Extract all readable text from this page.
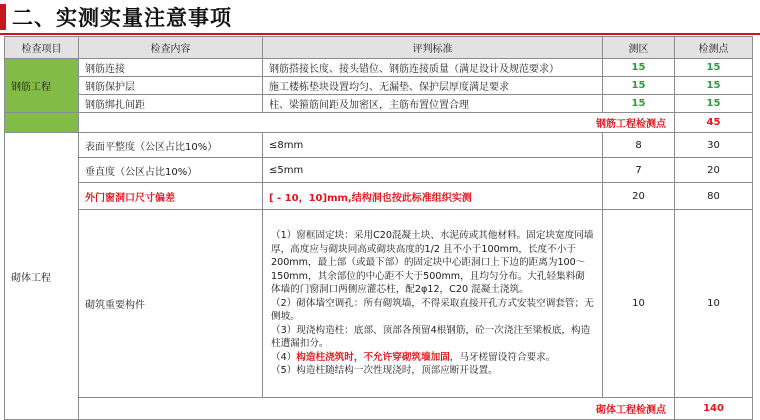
二、实测实量注意事项
检查项目	检查内容	评判标准	测区	检测点
钢筋工程	钢筋连接	钢筋搭接长度、接头错位、钢筋连接质量（满足设计及规范要求）	15	15
	钢筋保护层	施工楼栋垫块设置均匀、无漏垫、保护层厚度满足要求	15	15
	钢筋绑扎间距	柱、梁箍筋间距及加密区，主筋布置位置合理	15	15
	钢筋工程检测点			45
砌体工程	表面平整度（公区占比10%）	≤8mm	8	30
	垂直度（公区占比10%）	≤5mm	7	20
	外门窗洞口尺寸偏差	[ - 10，10]mm,结构洞也按此标准组织实测	20	80
	砌筑重要构件	（1）窗框固定块：采用C20混凝土块、水泥砖或其他材料。固定块宽度同墙厚，高度应与砌块同高或砌块高度的1/2 且不小于100mm，长度不小于200mm，最上部（或最下部）的固定块中心距洞口上下边的距离为100～150mm，其余部位的中心距不大于500mm，且均匀分布。大孔轻集料砌体墙的门窗洞口两侧应灌芯柱，配2φ12，C20 混凝土浇筑。

（2）砌体墙空调孔：所有砌筑墙，不得采取直接开孔方式安装空调套管；无侧坡。

（3）现浇构造柱：底部、顶部各预留4根钢筋，砼一次浇注至梁板底，构造柱遭漏扣分。

（4）构造柱浇筑时，不允许穿砌筑墙加固，马牙槎留设符合要求。

（5）构造柱随结构一次性现浇时，顶部应断开设置。	10	10
	砌体工程检测点			140
